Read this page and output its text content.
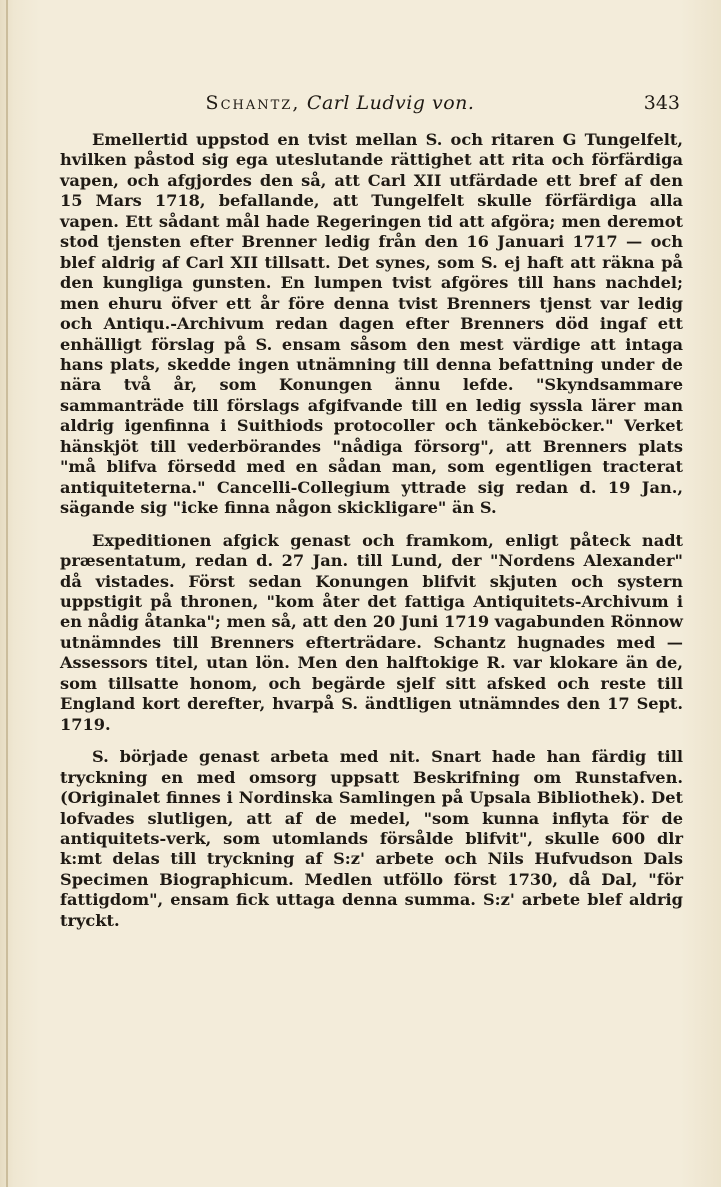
Schantz, Carl Ludvig von.	343

Emellertid uppstod en tvist mellan S. och ritaren G Tungelfelt, hvilken påstod sig ega uteslutande rättighet att rita och förfärdiga vapen, och afgjordes den så, att Carl XII utfärdade ett bref af den 15 Mars 1718, befallande, att Tungelfelt skulle förfärdiga alla vapen. Ett sådant mål hade Regeringen tid att afgöra; men deremot stod tjensten efter Brenner ledig från den 16 Januari 1717 — och blef aldrig af Carl XII tillsatt. Det synes, som S. ej haft att räkna på den kungliga gunsten. En lumpen tvist afgöres till hans nachdel; men ehuru öfver ett år före denna tvist Brenners tjenst var ledig och Antiqu.-Archivum redan dagen efter Brenners död ingaf ett enhälligt förslag på S. ensam såsom den mest värdige att intaga hans plats, skedde ingen utnämning till denna befattning under de nära två år, som Konungen ännu lefde. "Skyndsammare sammanträde till förslags afgifvande till en ledig syssla lärer man aldrig igenfinna i Suithiods protocoller och tänkeböcker." Verket hänskjöt till vederbörandes "nådiga försorg", att Brenners plats "må blifva försedd med en sådan man, som egentligen tracterat antiquiteterna." Cancelli-Collegium yttrade sig redan d. 19 Jan., sägande sig "icke finna någon skickligare" än S.

Expeditionen afgick genast och framkom, enligt påteck nadt præsentatum, redan d. 27 Jan. till Lund, der "Nordens Alexander" då vistades. Först sedan Konungen blifvit skjuten och systern uppstigit på thronen, "kom åter det fattiga Antiquitets-Archivum i en nådig åtanka"; men så, att den 20 Juni 1719 vagabunden Rönnow utnämndes till Brenners efterträdare. Schantz hugnades med — Assessors titel, utan lön. Men den halftokige R. var klokare än de, som tillsatte honom, och begärde sjelf sitt afsked och reste till England kort derefter, hvarpå S. ändtligen utnämndes den 17 Sept. 1719.

S. började genast arbeta med nit. Snart hade han färdig till tryckning en med omsorg uppsatt Beskrifning om Runstafven. (Originalet finnes i Nordinska Samlingen på Upsala Bibliothek). Det lofvades slutligen, att af de medel, "som kunna inflyta för de antiquitets-verk, som utomlands försålde blifvit", skulle 600 dlr k:mt delas till tryckning af S:z' arbete och Nils Hufvudson Dals Specimen Biographicum. Medlen utföllo först 1730, då Dal, "för fattigdom", ensam fick uttaga denna summa. S:z' arbete blef aldrig tryckt.
